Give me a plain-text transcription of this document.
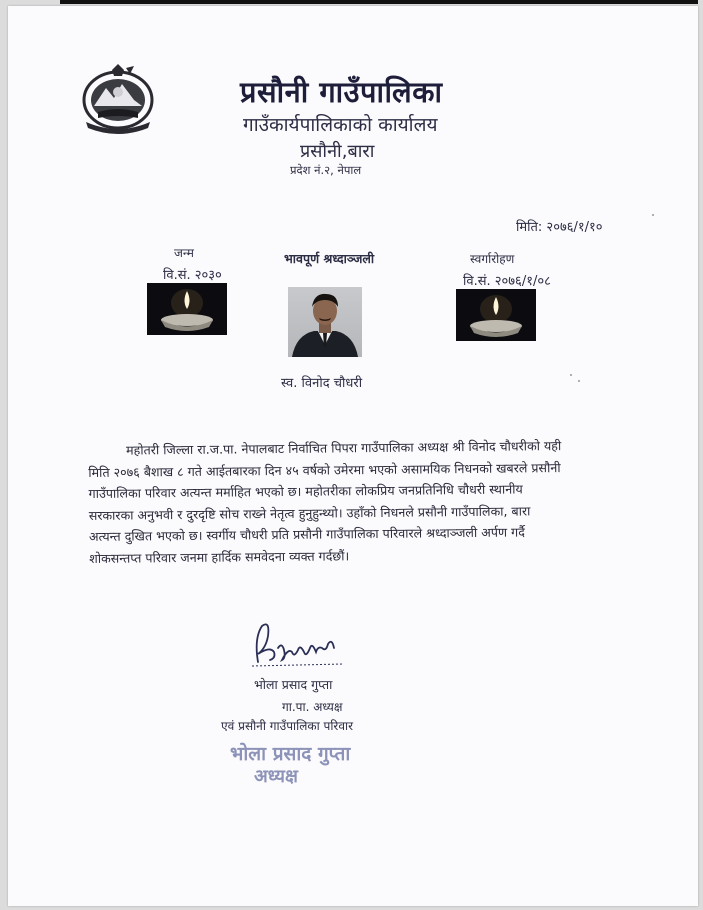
प्रसौनी गाउँपालिका
गाउँकार्यपालिकाको कार्यालय
प्रसौनी,बारा
प्रदेश नं.२, नेपाल
मिति: २०७६/१/१०
जन्म
वि.सं. २०३०
भावपूर्ण श्रध्दाञ्जली
स्व. विनोद चौधरी
स्वर्गारोहण
वि.सं. २०७६/१/०८
महोतरी जिल्ला रा.ज.पा. नेपालबाट निर्वाचित पिपरा गाउँपालिका अध्यक्ष श्री विनोद चौधरीको यही
मिति २०७६ बैशाख ८ गते आईतबारका दिन ४५ वर्षको उमेरमा भएको असामयिक निधनको खबरले प्रसौनी
गाउँपालिका परिवार अत्यन्त मर्माहित भएको छ। महोतरीका लोकप्रिय जनप्रतिनिधि चौधरी स्थानीय
सरकारका अनुभवी र दुरदृष्टि सोच राख्ने नेतृत्व हुनुहुन्थ्यो। उहाँको निधनले प्रसौनी गाउँपालिका, बारा
अत्यन्त दुखित भएको छ। स्वर्गीय चौधरी प्रति प्रसौनी गाउँपालिका परिवारले श्रध्दाञ्जली अर्पण गर्दै
शोकसन्तप्त परिवार जनमा हार्दिक समवेदना व्यक्त गर्दछौं।
भोला प्रसाद गुप्ता
गा.पा. अध्यक्ष
एवं प्रसौनी गाउँपालिका परिवार
भोला प्रसाद गुप्ता
अध्यक्ष
